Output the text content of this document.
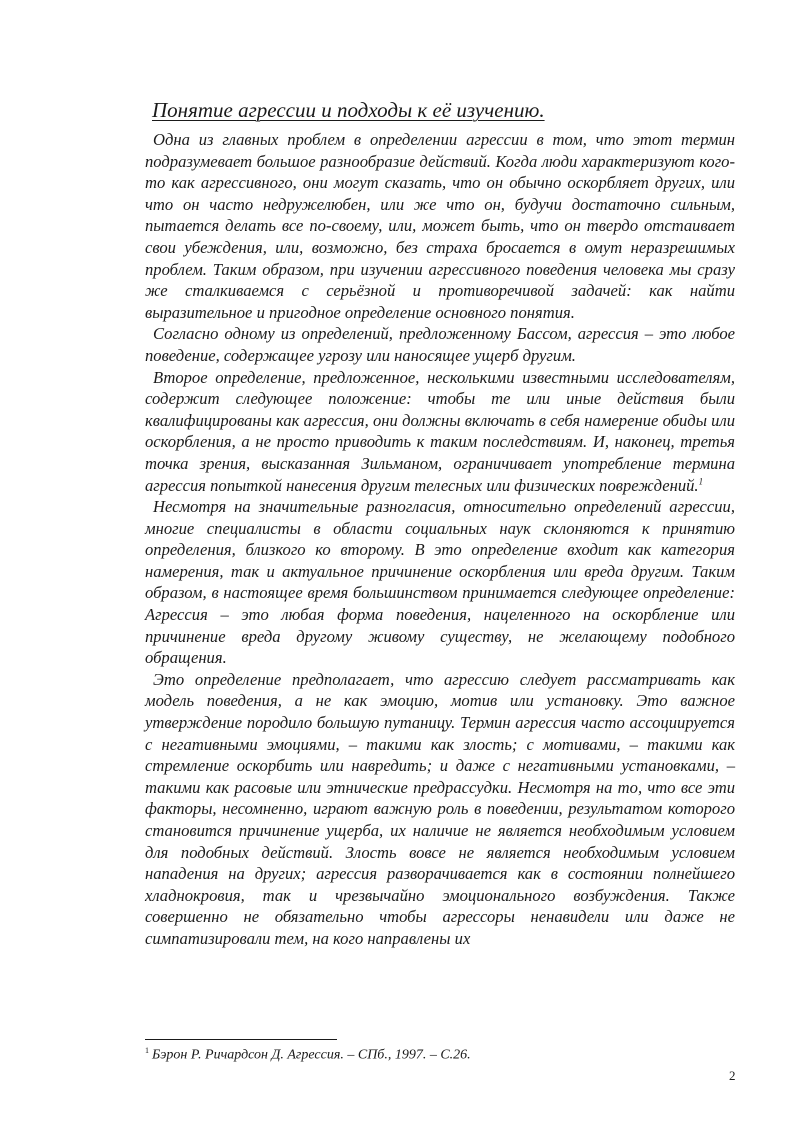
Понятие агрессии и подходы к её изучению.

Одна из главных проблем в определении агрессии в том, что этот термин подразумевает большое разнообразие действий. Когда люди характеризуют кого-то как агрессивного, они могут сказать, что он обычно оскорбляет других, или что он часто недружелюбен, или же что он, будучи достаточно сильным, пытается делать все по-своему, или, может быть, что он твердо отстаивает свои убеждения, или, возможно, без страха бросается в омут неразрешимых проблем. Таким образом, при изучении агрессивного поведения человека мы сразу же сталкиваемся с серьёзной и противоречивой задачей: как найти выразительное и пригодное определение основного понятия.

Согласно одному из определений, предложенному Бассом, агрессия – это любое поведение, содержащее угрозу или наносящее ущерб другим.

Второе определение, предложенное, несколькими известными исследователям, содержит следующее положение: чтобы те или иные действия были квалифицированы как агрессия, они должны включать в себя намерение обиды или оскорбления, а не просто приводить к таким последствиям. И, наконец, третья точка зрения, высказанная Зильманом, ограничивает употребление термина агрессия попыткой нанесения другим телесных или физических повреждений.$^1$

Несмотря на значительные разногласия, относительно определений агрессии, многие специалисты в области социальных наук склоняются к принятию определения, близкого ко второму. В это определение входит как категория намерения, так и актуальное причинение оскорбления или вреда другим. Таким образом, в настоящее время большинством принимается следующее определение: Агрессия – это любая форма поведения, нацеленного на оскорбление или причинение вреда другому живому существу, не желающему подобного обращения.

Это определение предполагает, что агрессию следует рассматривать как модель поведения, а не как эмоцию, мотив или установку. Это важное утверждение породило большую путаницу. Термин агрессия часто ассоциируется с негативными эмоциями, – такими как злость; с мотивами, – такими как стремление оскорбить или навредить; и даже с негативными установками, – такими как расовые или этнические предрассудки. Несмотря на то, что все эти факторы, несомненно, играют важную роль в поведении, результатом которого становится причинение ущерба, их наличие не является необходимым условием для подобных действий. Злость вовсе не является необходимым условием нападения на других; агрессия разворачивается как в состоянии полнейшего хладнокровия, так и чрезвычайно эмоционального возбуждения. Также совершенно не обязательно чтобы агрессоры ненавидели или даже не симпатизировали тем, на кого направлены их

$^1$ Бэрон Р. Ричардсон Д. Агрессия. – СПб., 1997. – С.26.
2
